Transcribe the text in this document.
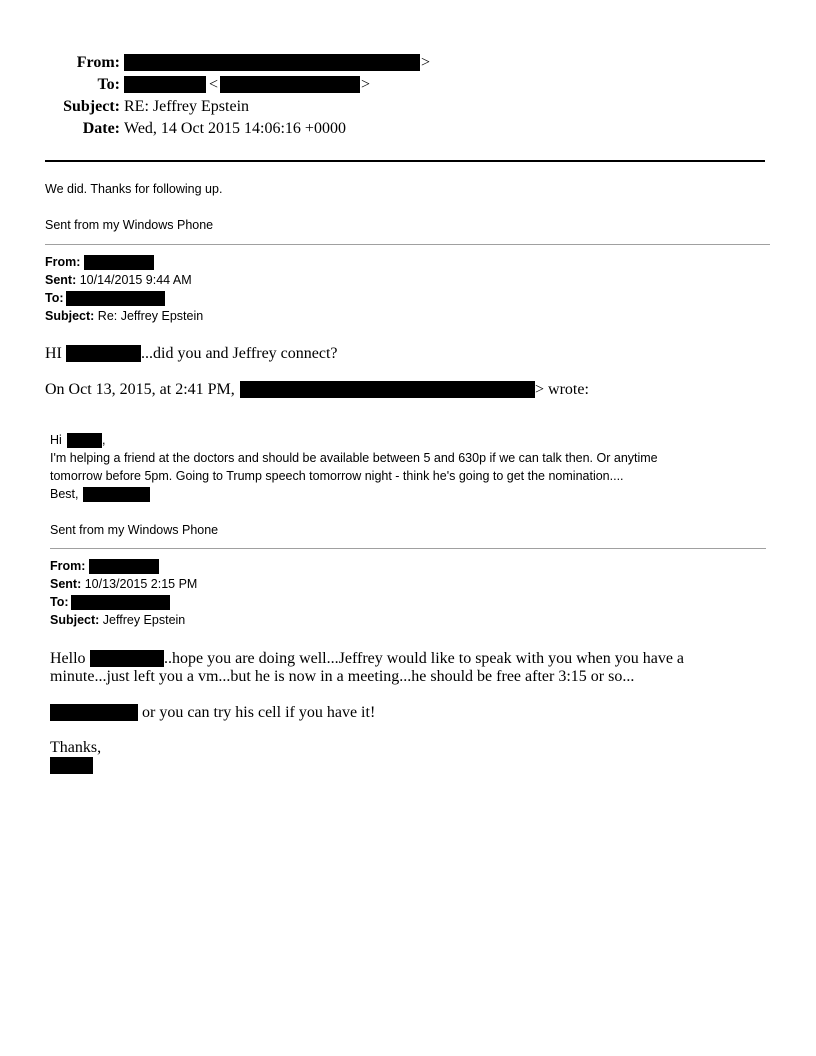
From:	>
To:	<	>
Subject: RE: Jeffrey Epstein
Date: Wed, 14 Oct 2015 14:06:16 +0000
We did. Thanks for following up.
Sent from my Windows Phone
From:
Sent: 10/14/2015 9:44 AM
To:
Subject: Re: Jeffrey Epstein
HI	...did you and Jeffrey connect?
On Oct 13, 2015, at 2:41 PM,	> wrote:
Hi	,
I'm helping a friend at the doctors and should be available between 5 and 630p if we can talk then. Or anytime
tomorrow before 5pm. Going to Trump speech tomorrow night - think he's going to get the nomination....
Best,
Sent from my Windows Phone
From:
Sent: 10/13/2015 2:15 PM
To:
Subject: Jeffrey Epstein
Hello	..hope you are doing well...Jeffrey would like to speak with you when you have a
minute...just left you a vm...but he is now in a meeting...he should be free after 3:15 or so...
or you can try his cell if you have it!
Thanks,
